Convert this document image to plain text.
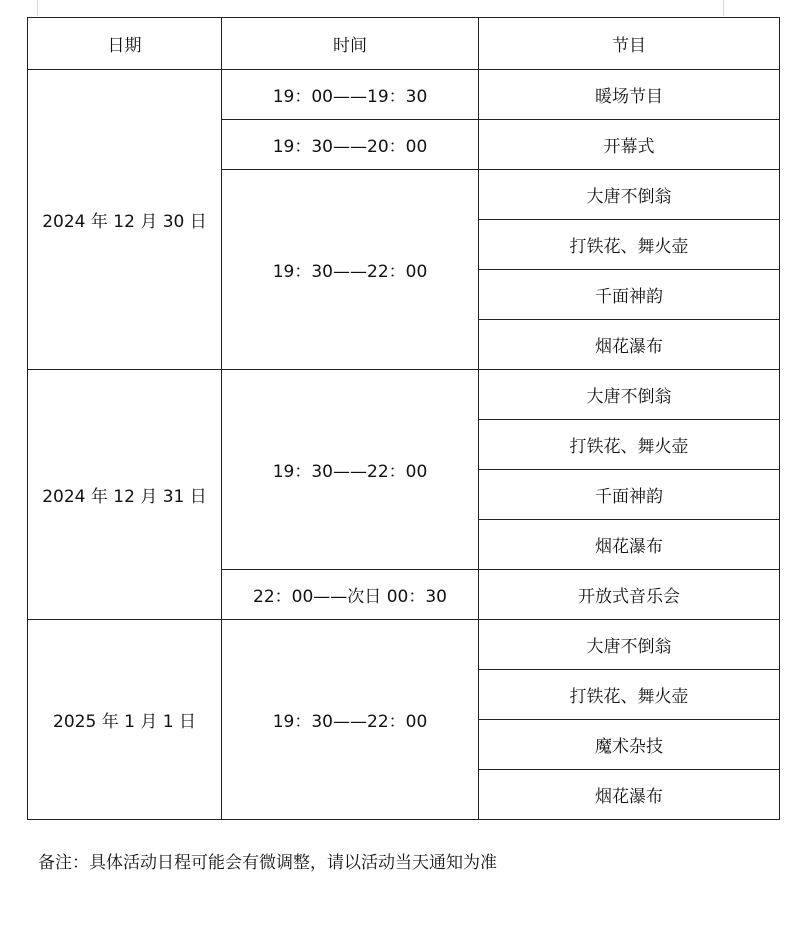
日期	时间	节目
2024 年 12 月 30 日	19：00——19：30	暖场节目
	19：30——20：00	开幕式
	19：30——22：00	大唐不倒翁
		打铁花、舞火壶
		千面神韵
		烟花瀑布
2024 年 12 月 31 日	19：30——22：00	大唐不倒翁
		打铁花、舞火壶
		千面神韵
		烟花瀑布
	22：00——次日 00：30	开放式音乐会
2025 年 1 月 1 日	19：30——22：00	大唐不倒翁
		打铁花、舞火壶
		魔术杂技
		烟花瀑布
备注：具体活动日程可能会有微调整，请以活动当天通知为准
